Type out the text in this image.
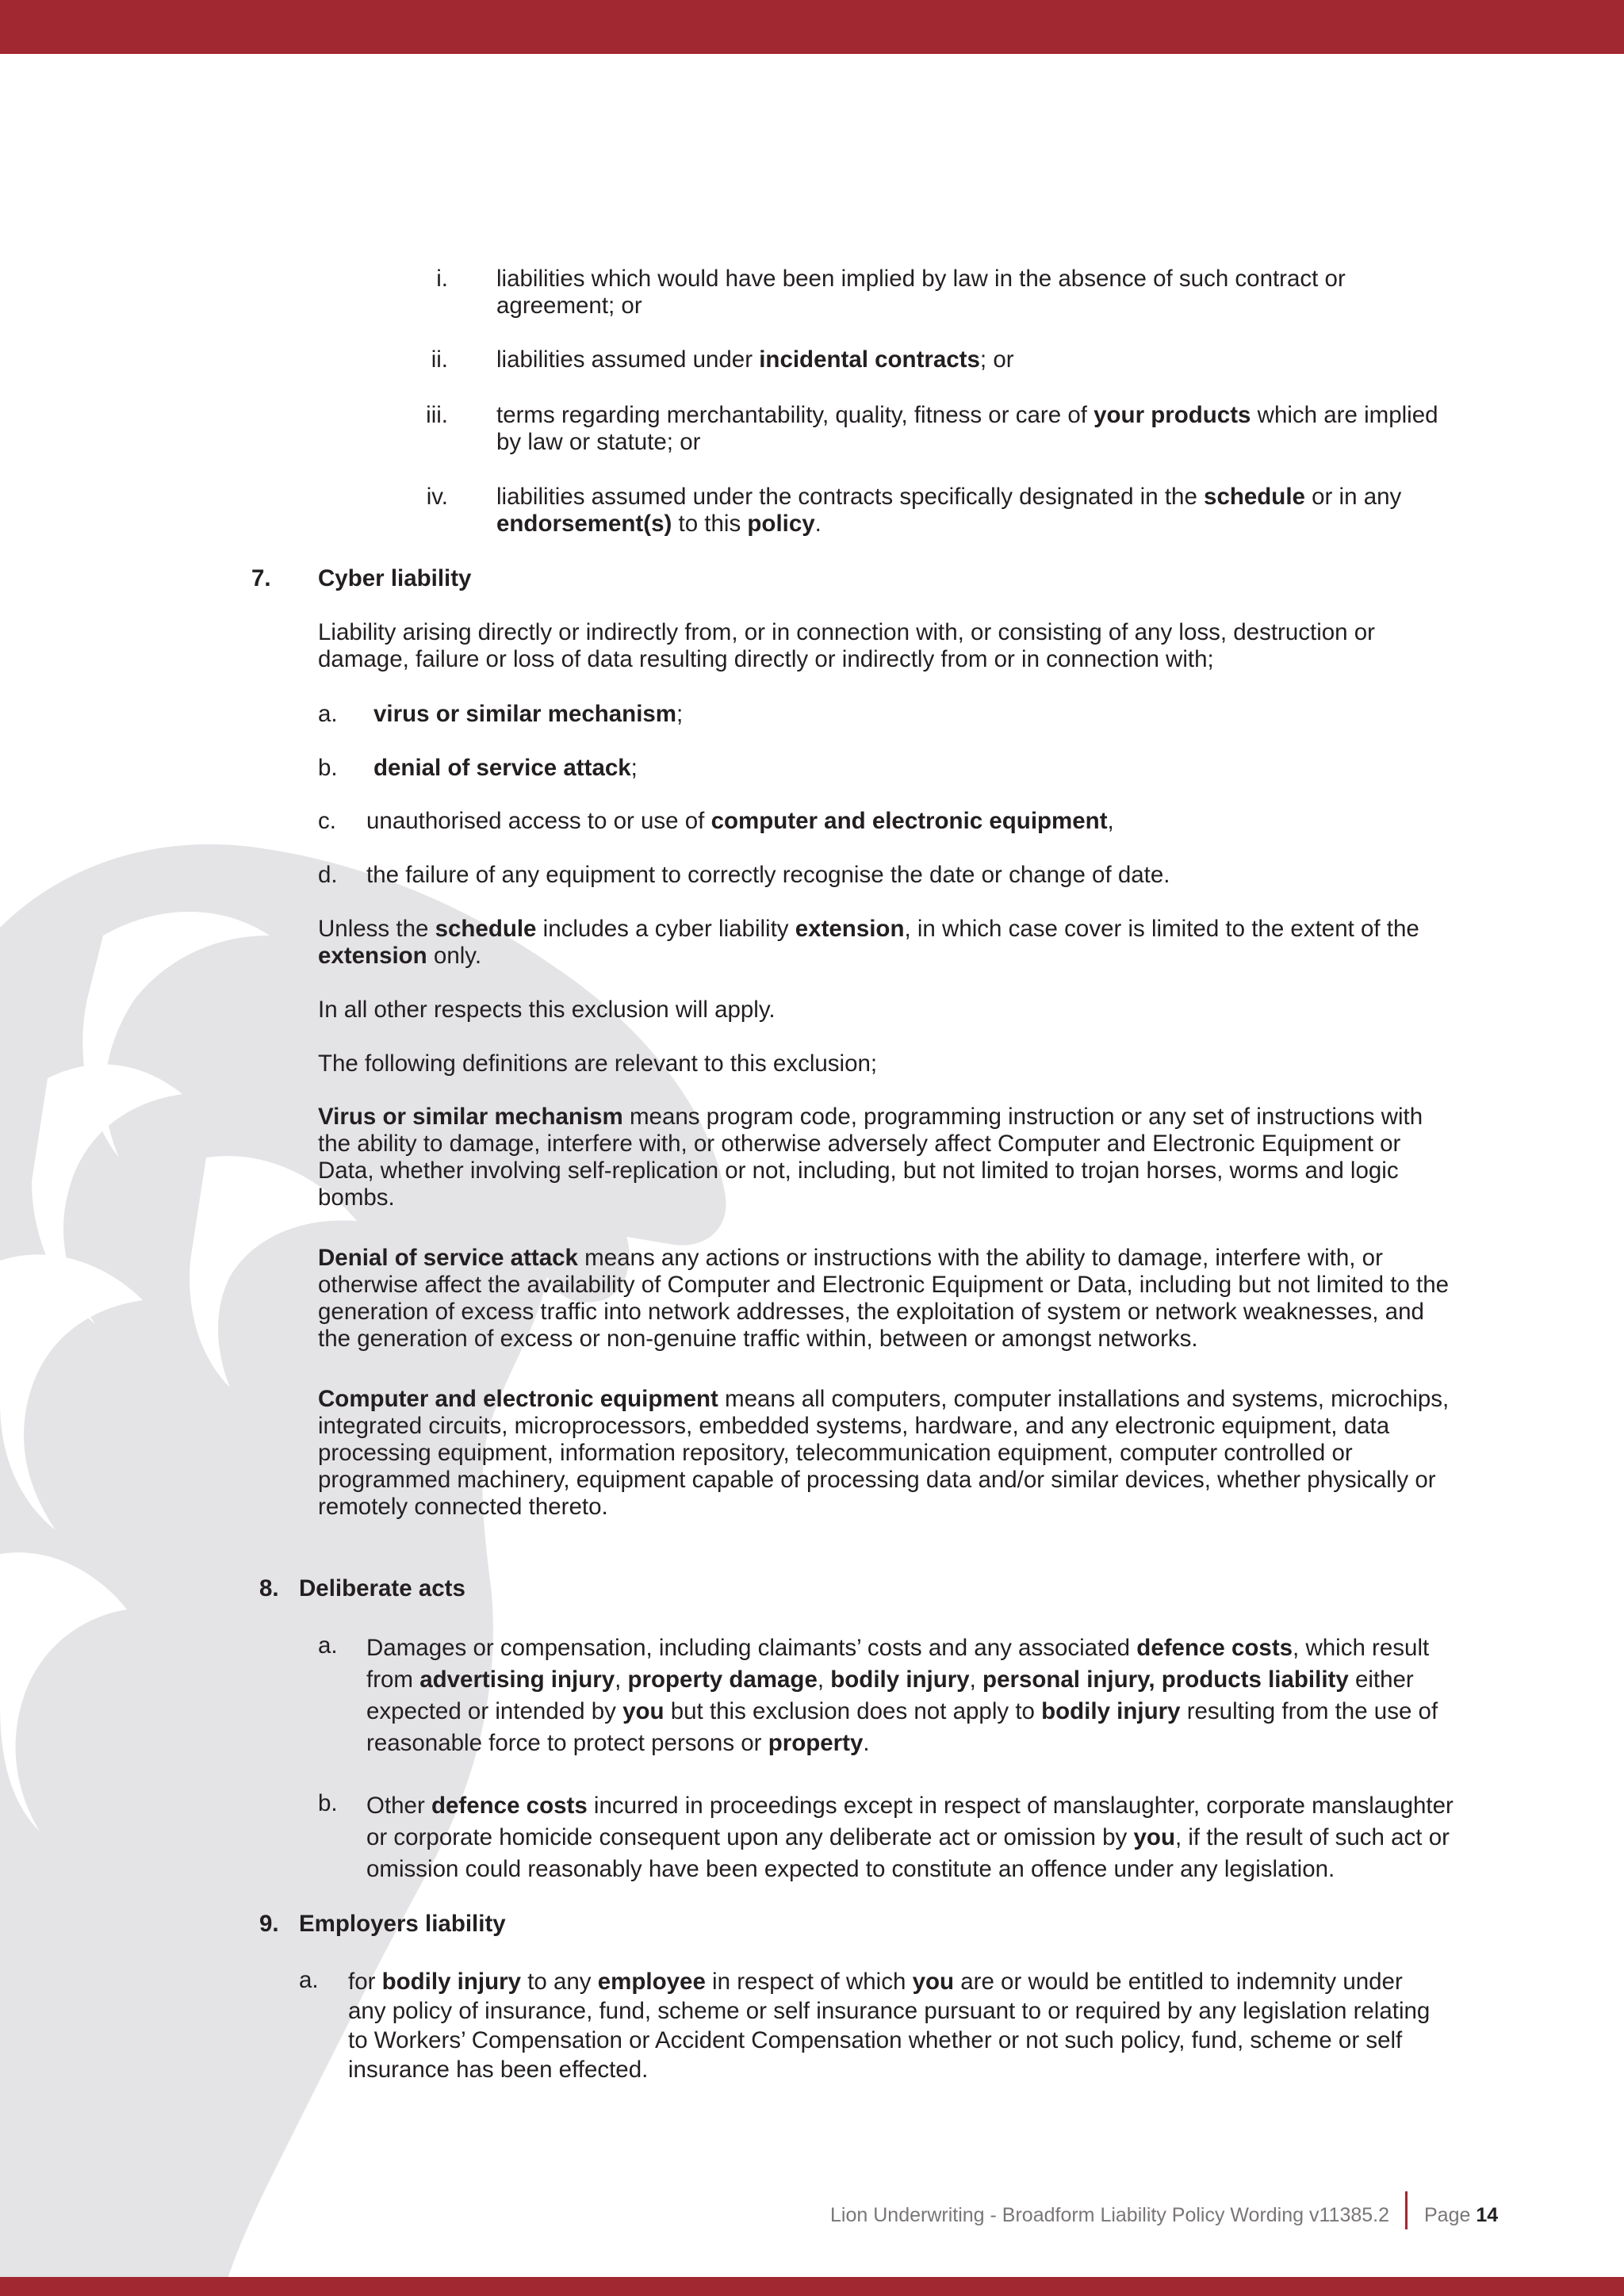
i. liabilities which would have been implied by law in the absence of such contract or

agreement; or

ii. liabilities assumed under incidental contracts; or

iii. terms regarding merchantability, quality, fitness or care of your products which are implied

by law or statute; or

iv. liabilities assumed under the contracts specifically designated in the schedule or in any

endorsement(s) to this policy.

7. Cyber liability

Liability arising directly or indirectly from, or in connection with, or consisting of any loss, destruction or

damage, failure or loss of data resulting directly or indirectly from or in connection with;

a. virus or similar mechanism;
b. denial of service attack;
c. unauthorised access to or use of computer and electronic equipment,
d. the failure of any equipment to correctly recognise the date or change of date.

Unless the schedule includes a cyber liability extension, in which case cover is limited to the extent of the

extension only.

In all other respects this exclusion will apply.
The following definitions are relevant to this exclusion;

Virus or similar mechanism means program code, programming instruction or any set of instructions with

the ability to damage, interfere with, or otherwise adversely affect Computer and Electronic Equipment or

Data, whether involving self-replication or not, including, but not limited to trojan horses, worms and logic

bombs.

Denial of service attack means any actions or instructions with the ability to damage, interfere with, or

otherwise affect the availability of Computer and Electronic Equipment or Data, including but not limited to the

generation of excess traffic into network addresses, the exploitation of system or network weaknesses, and

the generation of excess or non-genuine traffic within, between or amongst networks.

Computer and electronic equipment means all computers, computer installations and systems, microchips,

integrated circuits, microprocessors, embedded systems, hardware, and any electronic equipment, data

processing equipment, information repository, telecommunication equipment, computer controlled or

programmed machinery, equipment capable of processing data and/or similar devices, whether physically or

remotely connected thereto.

8. Deliberate acts
a. Damages or compensation, including claimants’ costs and any associated defence costs, which result

from advertising injury, property damage, bodily injury, personal injury, products liability either

expected or intended by you but this exclusion does not apply to bodily injury resulting from the use of

reasonable force to protect persons or property.

b. Other defence costs incurred in proceedings except in respect of manslaughter, corporate manslaughter

or corporate homicide consequent upon any deliberate act or omission by you, if the result of such act or

omission could reasonably have been expected to constitute an offence under any legislation.

9. Employers liability
a. for bodily injury to any employee in respect of which you are or would be entitled to indemnity under

any policy of insurance, fund, scheme or self insurance pursuant to or required by any legislation relating

to Workers’ Compensation or Accident Compensation whether or not such policy, fund, scheme or self

insurance has been effected.

Lion Underwriting - Broadform Liability Policy Wording v11385.2 Page 14
